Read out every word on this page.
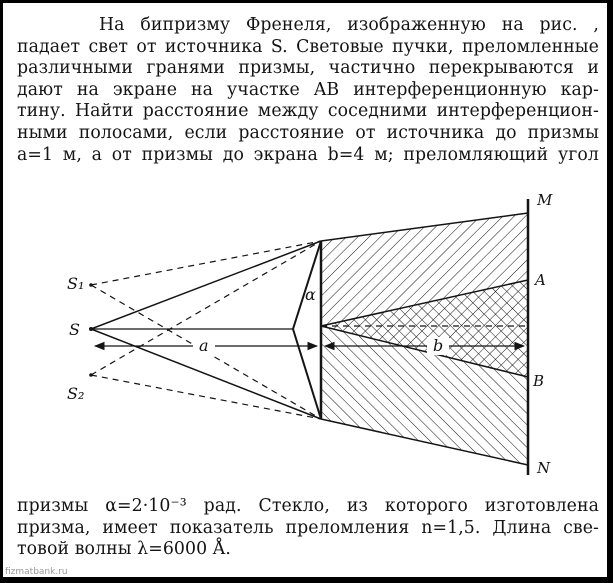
На бипризму Френеля, изображенную на рис. ,
падает свет от источника S. Световые пучки, преломленные
различными гранями призмы, частично перекрываются и
дают на экране на участке AB интерференционную кар-
тину. Найти расстояние между соседними интерференцион-
ными полосами, если расстояние от источника до призмы
a=1 м, а от призмы до экрана b=4 м; преломляющий угол
M
A
B
N
S
S₁
S₂
a	b
α
призмы α=2·10⁻³ рад. Стекло, из которого изготовлена
призма, имеет показатель преломления n=1,5. Длина све-
товой волны λ=6000 Å.
fizmatbank.ru
